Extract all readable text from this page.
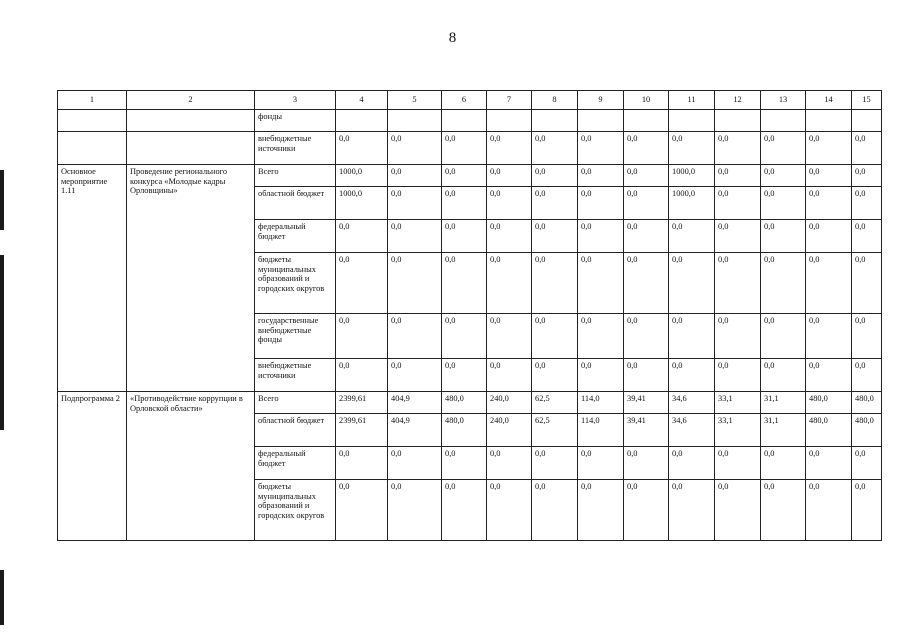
8
1	2	3	4	5	6	7	8	9	10	11	12	13	14	15
		фонды												
		внебюджетные источники	0,0	0,0	0,0	0,0	0,0	0,0	0,0	0,0	0,0	0,0	0,0	0,0
Основное мероприятие 1.11	Проведение регионального конкурса «Молодые кадры Орловщины»	Всего	1000,0	0,0	0,0	0,0	0,0	0,0	0,0	1000,0	0,0	0,0	0,0	0,0
		областной бюджет	1000,0	0,0	0,0	0,0	0,0	0,0	0,0	1000,0	0,0	0,0	0,0	0,0
		федеральный бюджет	0,0	0,0	0,0	0,0	0,0	0,0	0,0	0,0	0,0	0,0	0,0	0,0
		бюджеты муниципальных образований и городских округов	0,0	0,0	0,0	0,0	0,0	0,0	0,0	0,0	0,0	0,0	0,0	0,0
		государственные внебюджетные фонды	0,0	0,0	0,0	0,0	0,0	0,0	0,0	0,0	0,0	0,0	0,0	0,0
		внебюджетные источники	0,0	0,0	0,0	0,0	0,0	0,0	0,0	0,0	0,0	0,0	0,0	0,0
Подпрограмма 2	«Противодействие коррупции в Орловской области»	Всего	2399,61	404,9	480,0	240,0	62,5	114,0	39,41	34,6	33,1	31,1	480,0	480,0
		областной бюджет	2399,61	404,9	480,0	240,0	62,5	114,0	39,41	34,6	33,1	31,1	480,0	480,0
		федеральный бюджет	0,0	0,0	0,0	0,0	0,0	0,0	0,0	0,0	0,0	0,0	0,0	0,0
		бюджеты муниципальных образований и городских округов	0,0	0,0	0,0	0,0	0,0	0,0	0,0	0,0	0,0	0,0	0,0	0,0
